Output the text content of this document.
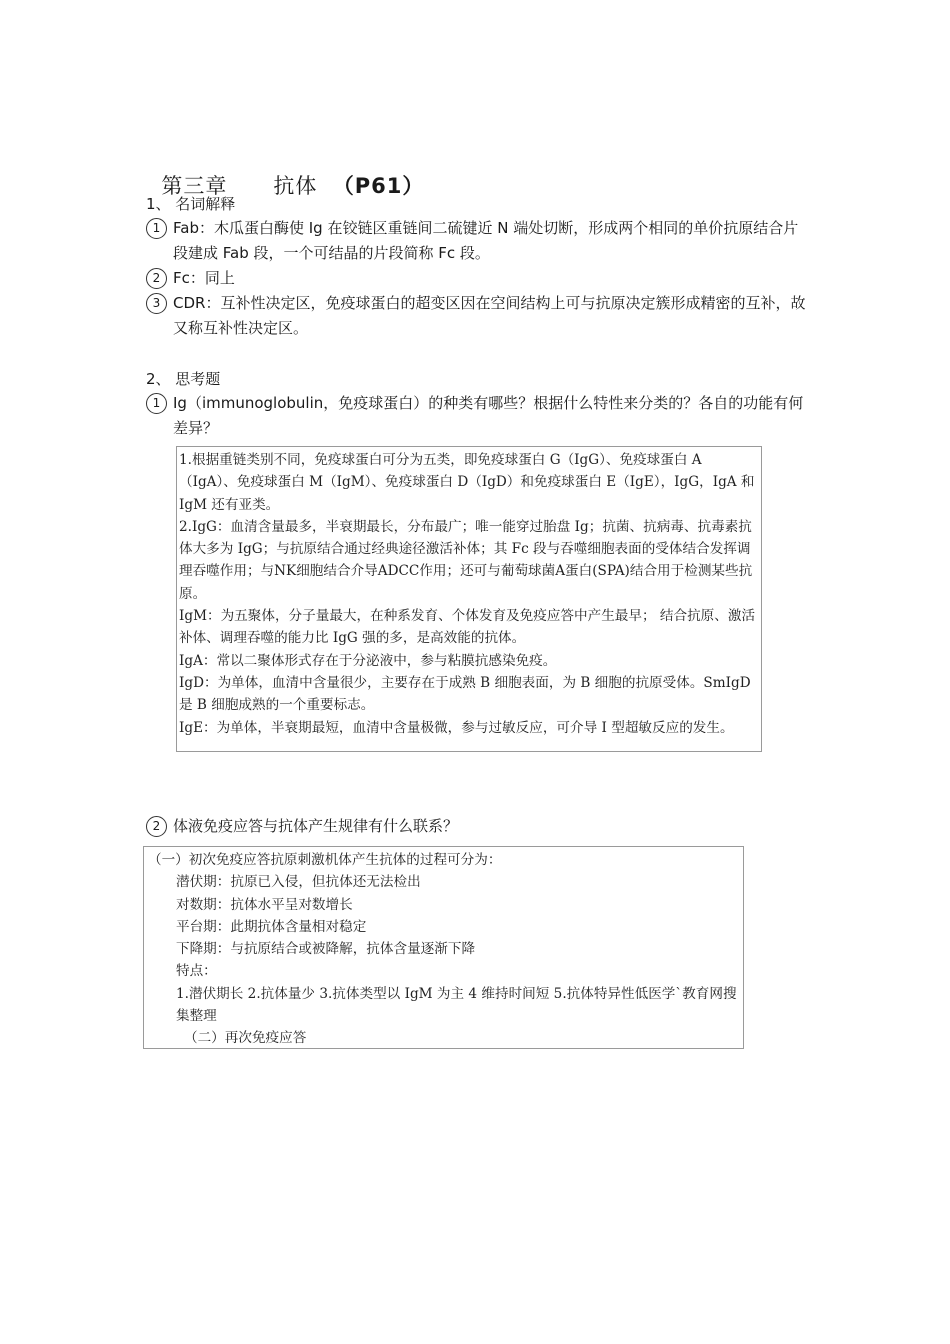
第三章 抗体 （P61）

1、 名词解释
1 Fab：木瓜蛋白酶使 Ig 在铰链区重链间二硫键近 N 端处切断，形成两个相同的单价抗原结合片段建成 Fab 段，一个可结晶的片段简称 Fc 段。
2 Fc：同上
3 CDR：互补性决定区，免疫球蛋白的超变区因在空间结构上可与抗原决定簇形成精密的互补，故又称互补性决定区。
2、 思考题
1 Ig（immunoglobulin，免疫球蛋白）的种类有哪些？根据什么特性来分类的？各自的功能有何差异？

1.根据重链类别不同，免疫球蛋白可分为五类，即免疫球蛋白 G（IgG）、免疫球蛋白 A（IgA）、免疫球蛋白 M（IgM）、免疫球蛋白 D（IgD）和免疫球蛋白 E（IgE），IgG，IgA 和 IgM 还有亚类。

2.IgG：血清含量最多，半衰期最长，分布最广；唯一能穿过胎盘 Ig；抗菌、抗病毒、抗毒素抗体大多为 IgG；与抗原结合通过经典途径激活补体；其 Fc 段与吞噬细胞表面的受体结合发挥调理吞噬作用；与NK细胞结合介导ADCC作用；还可与葡萄球菌A蛋白(SPA)结合用于检测某些抗原。

IgM：为五聚体，分子量最大，在种系发育、个体发育及免疫应答中产生最早； 结合抗原、激活补体、调理吞噬的能力比 IgG 强的多，是高效能的抗体。

IgA：常以二聚体形式存在于分泌液中，参与粘膜抗感染免疫。

IgD：为单体，血清中含量很少，主要存在于成熟 B 细胞表面，为 B 细胞的抗原受体。SmIgD 是 B 细胞成熟的一个重要标志。

IgE：为单体，半衰期最短，血清中含量极微，参与过敏反应，可介导 I 型超敏反应的发生。

2 体液免疫应答与抗体产生规律有什么联系？

（一）初次免疫应答抗原刺激机体产生抗体的过程可分为：

潜伏期：抗原已入侵，但抗体还无法检出

对数期：抗体水平呈对数增长

平台期：此期抗体含量相对稳定

下降期：与抗原结合或被降解，抗体含量逐渐下降

特点：

1.潜伏期长 2.抗体量少 3.抗体类型以 IgM 为主 4 维持时间短 5.抗体特异性低医学`教育网搜集整理

（二）再次免疫应答
